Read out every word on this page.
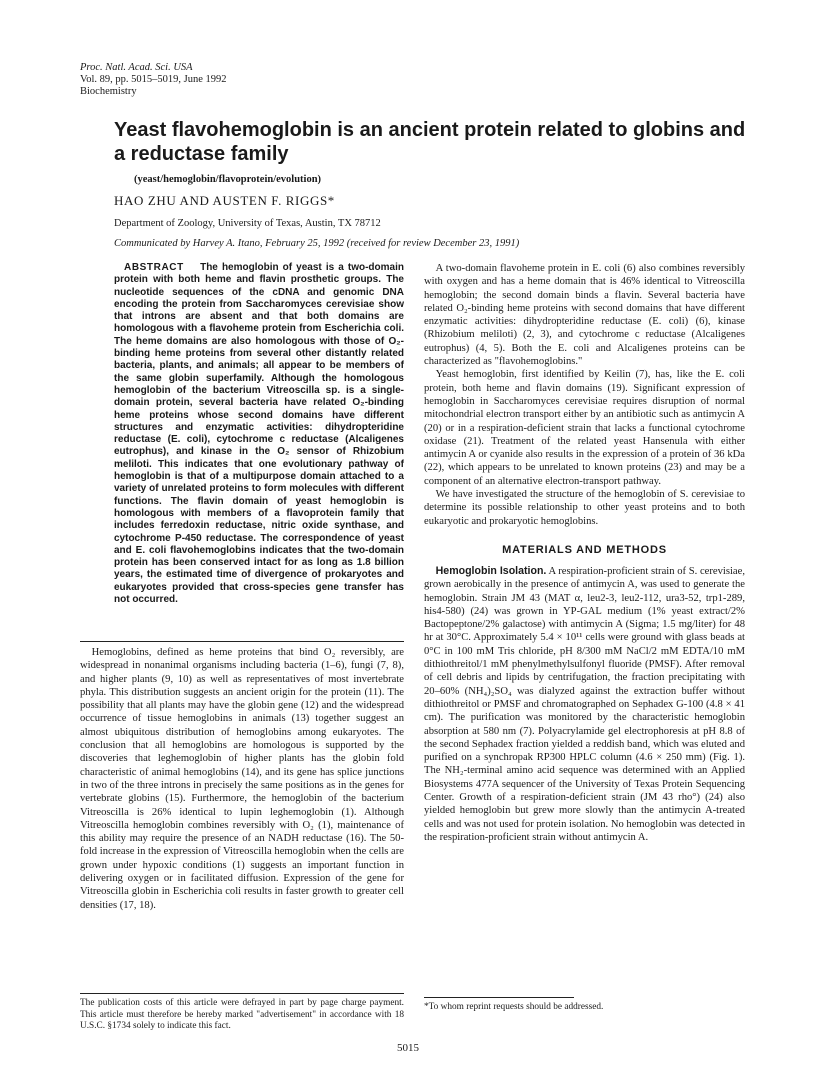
Proc. Natl. Acad. Sci. USA
Vol. 89, pp. 5015–5019, June 1992
Biochemistry
Yeast flavohemoglobin is an ancient protein related to globins and a reductase family
(yeast/hemoglobin/flavoprotein/evolution)
HAO ZHU AND AUSTEN F. RIGGS*
Department of Zoology, University of Texas, Austin, TX 78712
Communicated by Harvey A. Itano, February 25, 1992 (received for review December 23, 1991)

ABSTRACT The hemoglobin of yeast is a two-domain protein with both heme and flavin prosthetic groups. The nucleotide sequences of the cDNA and genomic DNA encoding the protein from Saccharomyces cerevisiae show that introns are absent and that both domains are homologous with a flavoheme protein from Escherichia coli. The heme domains are also homologous with those of O₂-binding heme proteins from several other distantly related bacteria, plants, and animals; all appear to be members of the same globin superfamily. Although the homologous hemoglobin of the bacterium Vitreoscilla sp. is a single-domain protein, several bacteria have related O₂-binding heme proteins whose second domains have different structures and enzymatic activities: dihydropteridine reductase (E. coli), cytochrome c reductase (Alcaligenes eutrophus), and kinase in the O₂ sensor of Rhizobium meliloti. This indicates that one evolutionary pathway of hemoglobin is that of a multipurpose domain attached to a variety of unrelated proteins to form molecules with different functions. The flavin domain of yeast hemoglobin is homologous with members of a flavoprotein family that includes ferredoxin reductase, nitric oxide synthase, and cytochrome P-450 reductase. The correspondence of yeast and E. coli flavohemoglobins indicates that the two-domain protein has been conserved intact for as long as 1.8 billion years, the estimated time of divergence of prokaryotes and eukaryotes provided that cross-species gene transfer has not occurred.

Hemoglobins, defined as heme proteins that bind O₂ reversibly, are widespread in nonanimal organisms including bacteria (1–6), fungi (7, 8), and higher plants (9, 10) as well as representatives of most invertebrate phyla. This distribution suggests an ancient origin for the protein (11). The possibility that all plants may have the globin gene (12) and the widespread occurrence of tissue hemoglobins in animals (13) together suggest an almost ubiquitous distribution of hemoglobins among eukaryotes. The conclusion that all hemoglobins are homologous is supported by the discoveries that leghemoglobin of higher plants has the globin fold characteristic of animal hemoglobins (14), and its gene has splice junctions in two of the three introns in precisely the same positions as in the genes for vertebrate globins (15). Furthermore, the hemoglobin of the bacterium Vitreoscilla is 26% identical to lupin leghemoglobin (1). Although Vitreoscilla hemoglobin combines reversibly with O₂ (1), maintenance of this ability may require the presence of an NADH reductase (16). The 50-fold increase in the expression of Vitreoscilla hemoglobin when the cells are grown under hypoxic conditions (1) suggests an important function in delivering oxygen or in facilitated diffusion. Expression of the gene for Vitreoscilla globin in Escherichia coli results in faster growth to greater cell densities (17, 18).

A two-domain flavoheme protein in E. coli (6) also combines reversibly with oxygen and has a heme domain that is 46% identical to Vitreoscilla hemoglobin; the second domain binds a flavin. Several bacteria have related O₂-binding heme proteins with second domains that have different enzymatic activities: dihydropteridine reductase (E. coli) (6), kinase (Rhizobium meliloti) (2, 3), and cytochrome c reductase (Alcaligenes eutrophus) (4, 5). Both the E. coli and Alcaligenes proteins can be characterized as "flavohemoglobins."

Yeast hemoglobin, first identified by Keilin (7), has, like the E. coli protein, both heme and flavin domains (19). Significant expression of hemoglobin in Saccharomyces cerevisiae requires disruption of normal mitochondrial electron transport either by an antibiotic such as antimycin A (20) or in a respiration-deficient strain that lacks a functional cytochrome oxidase (21). Treatment of the related yeast Hansenula with either antimycin A or cyanide also results in the expression of a protein of 36 kDa (22), which appears to be unrelated to known proteins (23) and may be a component of an alternative electron-transport pathway.

We have investigated the structure of the hemoglobin of S. cerevisiae to determine its possible relationship to other yeast proteins and to both eukaryotic and prokaryotic hemoglobins.

MATERIALS AND METHODS

Hemoglobin Isolation. A respiration-proficient strain of S. cerevisiae, grown aerobically in the presence of antimycin A, was used to generate the hemoglobin. Strain JM 43 (MAT α, leu2-3, leu2-112, ura3-52, trp1-289, his4-580) (24) was grown in YP-GAL medium (1% yeast extract/2% Bactopeptone/2% galactose) with antimycin A (Sigma; 1.5 mg/liter) for 48 hr at 30°C. Approximately 5.4 × 10¹¹ cells were ground with glass beads at 0°C in 100 mM Tris chloride, pH 8/300 mM NaCl/2 mM EDTA/10 mM dithiothreitol/1 mM phenylmethylsulfonyl fluoride (PMSF). After removal of cell debris and lipids by centrifugation, the fraction precipitating with 20–60% (NH₄)₂SO₄ was dialyzed against the extraction buffer without dithiothreitol or PMSF and chromatographed on Sephadex G-100 (4.8 × 41 cm). The purification was monitored by the characteristic hemoglobin absorption at 580 nm (7). Polyacrylamide gel electrophoresis at pH 8.8 of the second Sephadex fraction yielded a reddish band, which was eluted and purified on a synchropak RP300 HPLC column (4.6 × 250 mm) (Fig. 1). The NH₂-terminal amino acid sequence was determined with an Applied Biosystems 477A sequencer of the University of Texas Protein Sequencing Center. Growth of a respiration-deficient strain (JM 43 rho°) (24) also yielded hemoglobin but grew more slowly than the antimycin A-treated cells and was not used for protein isolation. No hemoglobin was detected in the respiration-proficient strain without antimycin A.

The publication costs of this article were defrayed in part by page charge payment. This article must therefore be hereby marked "advertisement" in accordance with 18 U.S.C. §1734 solely to indicate this fact.

*To whom reprint requests should be addressed.

5015
